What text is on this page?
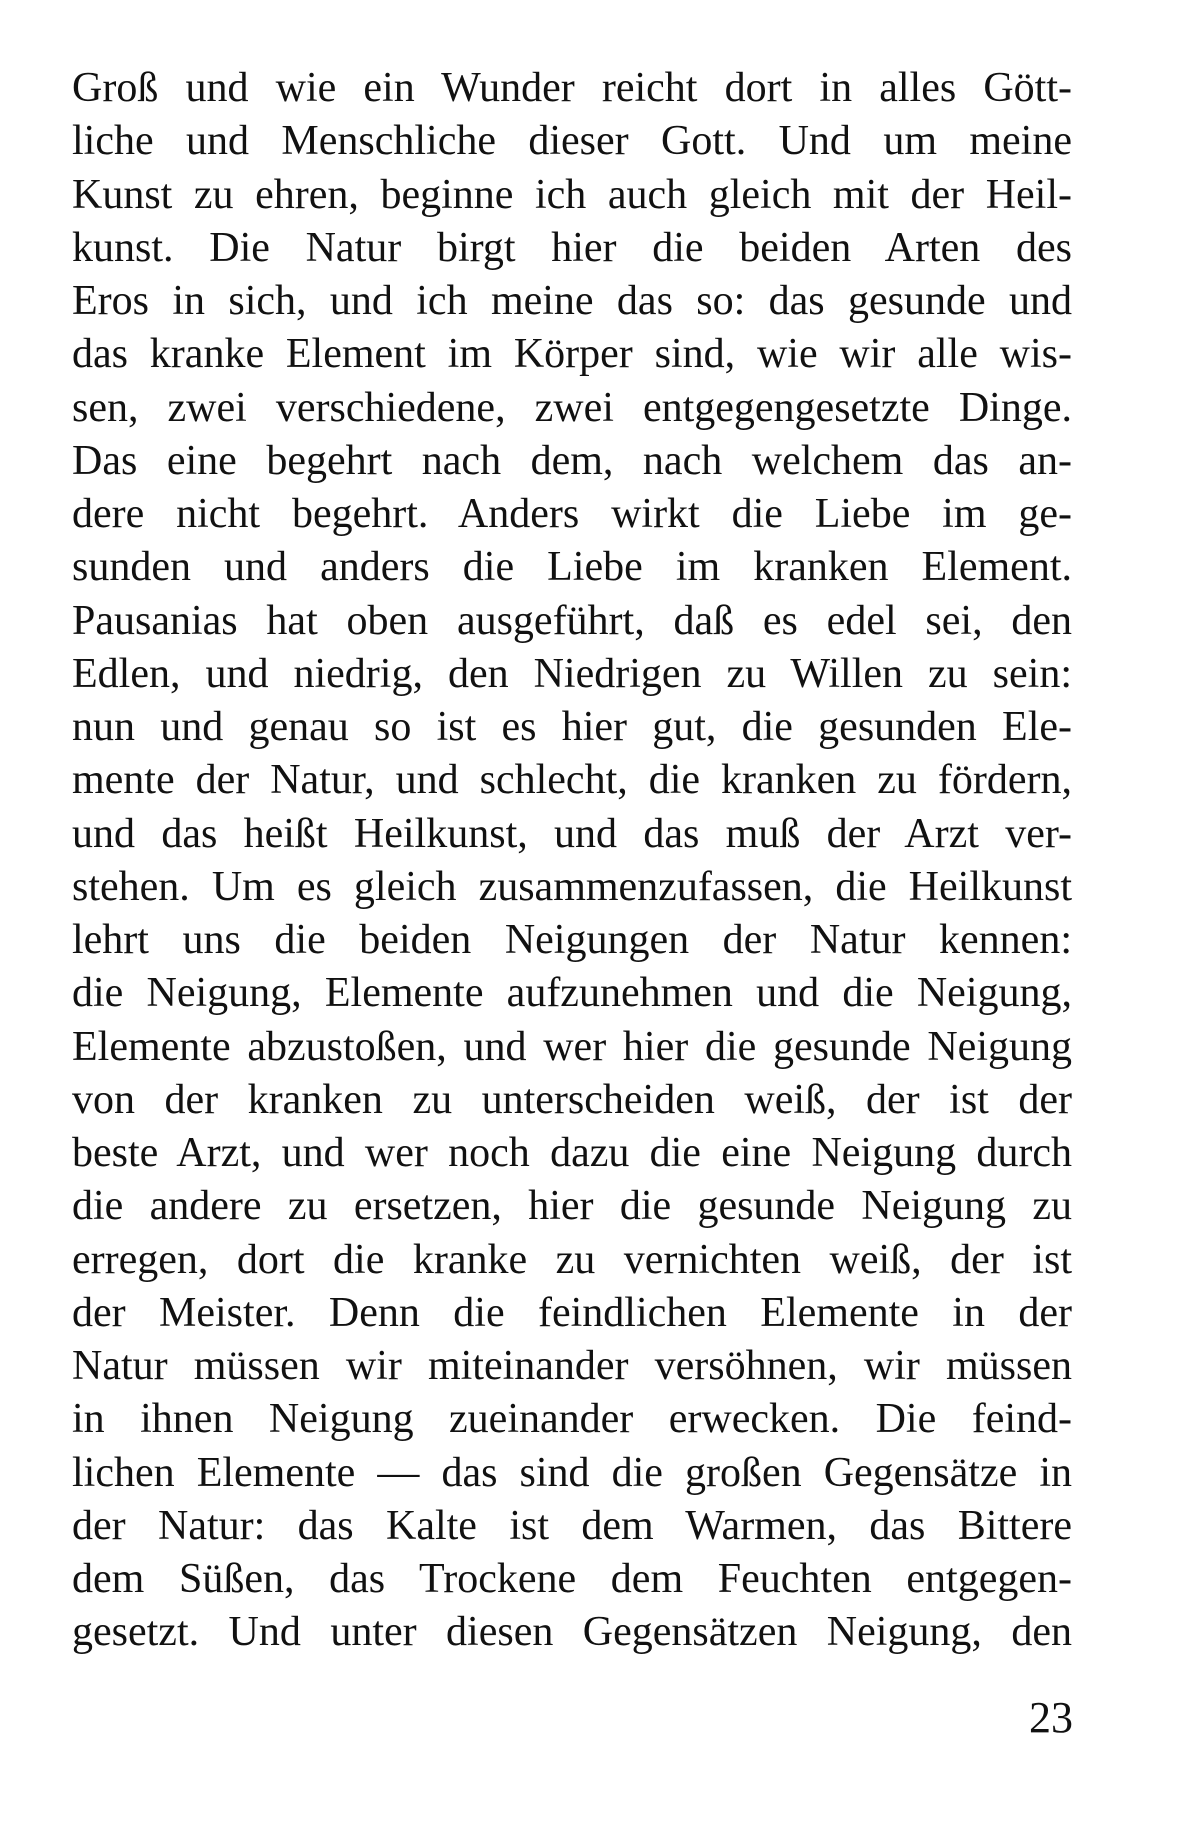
Groß und wie ein Wunder reicht dort in alles Gött-
liche und Menschliche dieser Gott. Und um meine
Kunst zu ehren, beginne ich auch gleich mit der Heil-
kunst. Die Natur birgt hier die beiden Arten des
Eros in sich, und ich meine das so: das gesunde und
das kranke Element im Körper sind, wie wir alle wis-
sen, zwei verschiedene, zwei entgegengesetzte Dinge.
Das eine begehrt nach dem, nach welchem das an-
dere nicht begehrt. Anders wirkt die Liebe im ge-
sunden und anders die Liebe im kranken Element.
Pausanias hat oben ausgeführt, daß es edel sei, den
Edlen, und niedrig, den Niedrigen zu Willen zu sein:
nun und genau so ist es hier gut, die gesunden Ele-
mente der Natur, und schlecht, die kranken zu fördern,
und das heißt Heilkunst, und das muß der Arzt ver-
stehen. Um es gleich zusammenzufassen, die Heilkunst
lehrt uns die beiden Neigungen der Natur kennen:
die Neigung, Elemente aufzunehmen und die Neigung,
Elemente abzustoßen, und wer hier die gesunde Neigung
von der kranken zu unterscheiden weiß, der ist der
beste Arzt, und wer noch dazu die eine Neigung durch
die andere zu ersetzen, hier die gesunde Neigung zu
erregen, dort die kranke zu vernichten weiß, der ist
der Meister. Denn die feindlichen Elemente in der
Natur müssen wir miteinander versöhnen, wir müssen
in ihnen Neigung zueinander erwecken. Die feind-
lichen Elemente — das sind die großen Gegensätze in
der Natur: das Kalte ist dem Warmen, das Bittere
dem Süßen, das Trockene dem Feuchten entgegen-
gesetzt. Und unter diesen Gegensätzen Neigung, den
23
